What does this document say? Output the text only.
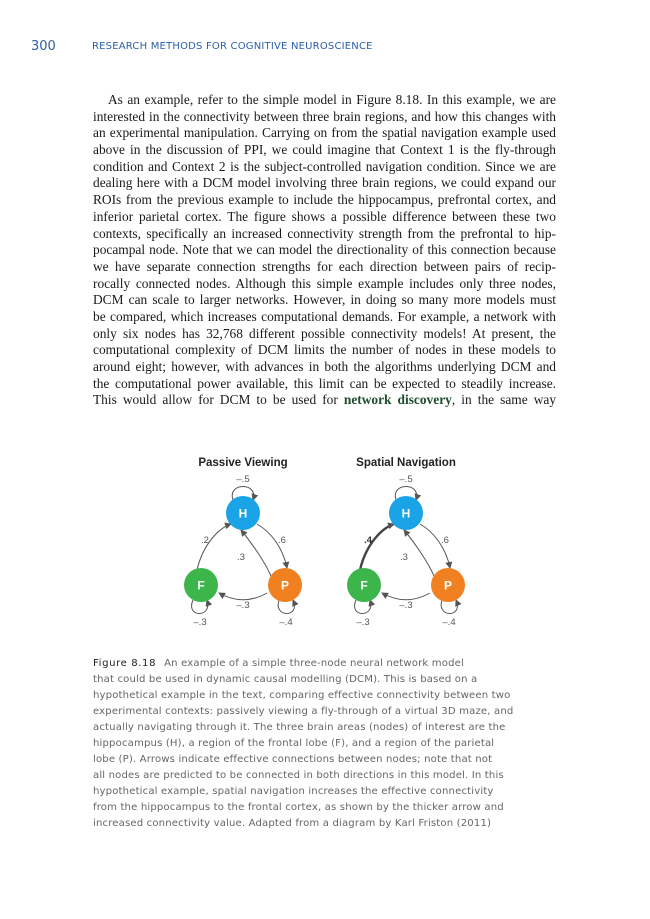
300	RESEARCH METHODS FOR COGNITIVE NEUROSCIENCE
As an example, refer to the simple model in Figure 8.18. In this example, we are
interested in the connectivity between three brain regions, and how this changes with
an experimental manipulation. Carrying on from the spatial navigation example used
above in the discussion of PPI, we could imagine that Context 1 is the fly-through
condition and Context 2 is the subject-controlled navigation condition. Since we are
dealing here with a DCM model involving three brain regions, we could expand our
ROIs from the previous example to include the hippocampus, prefrontal cortex, and
inferior parietal cortex. The figure shows a possible difference between these two
contexts, specifically an increased connectivity strength from the prefrontal to hip-
pocampal node. Note that we can model the directionality of this connection because
we have separate connection strengths for each direction between pairs of recip-
rocally connected nodes. Although this simple example includes only three nodes,
DCM can scale to larger networks. However, in doing so many more models must
be compared, which increases computational demands. For example, a network with
only six nodes has 32,768 different possible connectivity models! At present, the
computational complexity of DCM limits the number of nodes in these models to
around eight; however, with advances in both the algorithms underlying DCM and
the computational power available, this limit can be expected to steadily increase.
This would allow for DCM to be used for network discovery, in the same way
Passive Viewing
H
F	P
–.5
.2	.6
.3
–.3
–.3	–.4
Spatial Navigation
H
F	P
–.5
.4	.6
.3
–.3
–.3	–.4
Figure 8.18 An example of a simple three-node neural network model
that could be used in dynamic causal modelling (DCM). This is based on a
hypothetical example in the text, comparing effective connectivity between two
experimental contexts: passively viewing a fly-through of a virtual 3D maze, and
actually navigating through it. The three brain areas (nodes) of interest are the
hippocampus (H), a region of the frontal lobe (F), and a region of the parietal
lobe (P). Arrows indicate effective connections between nodes; note that not
all nodes are predicted to be connected in both directions in this model. In this
hypothetical example, spatial navigation increases the effective connectivity
from the hippocampus to the frontal cortex, as shown by the thicker arrow and
increased connectivity value. Adapted from a diagram by Karl Friston (2011)
